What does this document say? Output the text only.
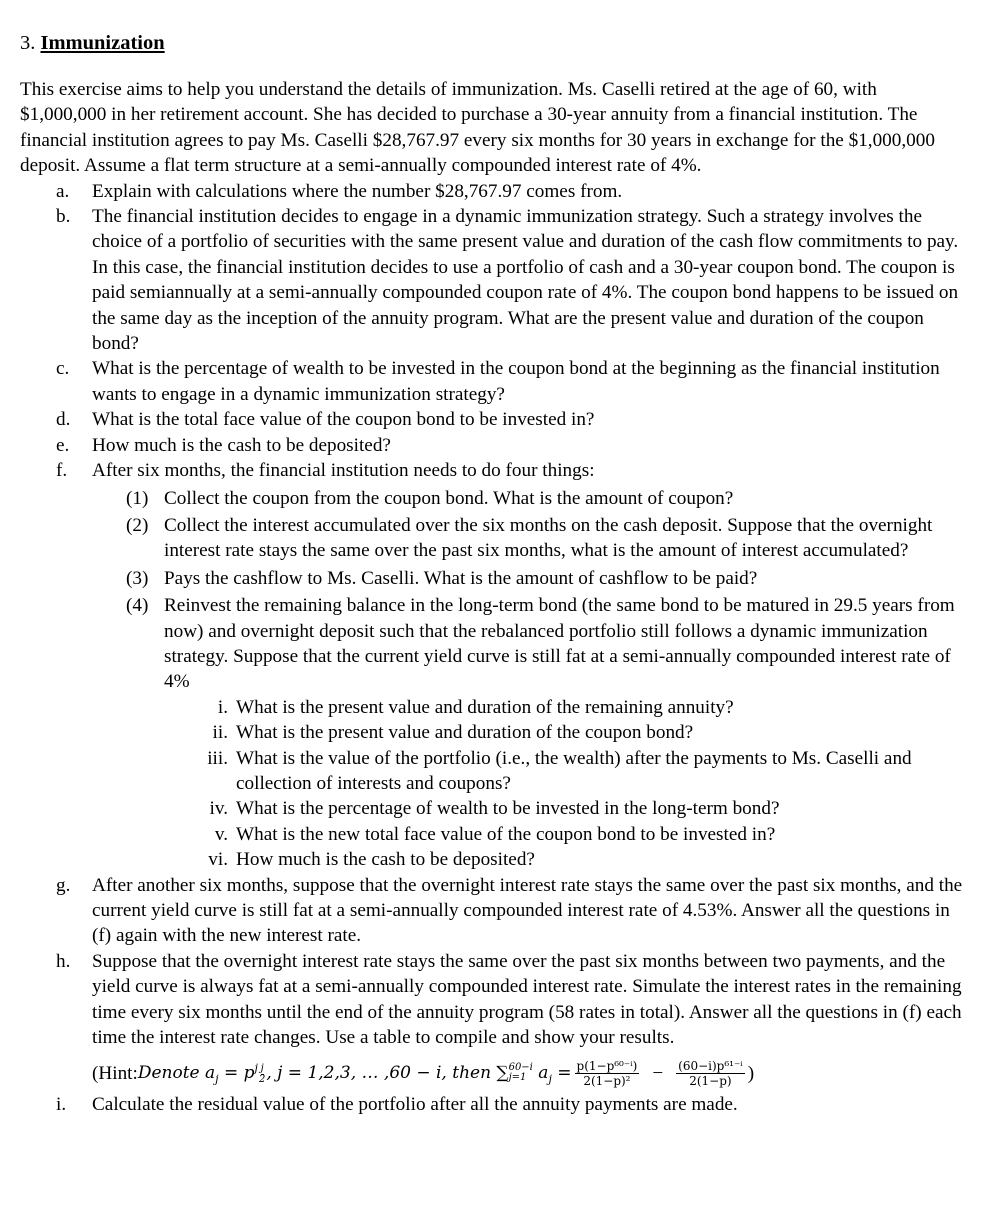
3. Immunization

This exercise aims to help you understand the details of immunization. Ms. Caselli retired at the age of 60, with $1,000,000 in her retirement account. She has decided to purchase a 30-year annuity from a financial institution. The financial institution agrees to pay Ms. Caselli $28,767.97 every six months for 30 years in exchange for the $1,000,000 deposit. Assume a flat term structure at a semi-annually compounded interest rate of 4%.

a. Explain with calculations where the number $28,767.97 comes from.
b. The financial institution decides to engage in a dynamic immunization strategy. Such a strategy involves the choice of a portfolio of securities with the same present value and duration of the cash flow commitments to pay. In this case, the financial institution decides to use a portfolio of cash and a 30-year coupon bond. The coupon is paid semiannually at a semi-annually compounded coupon rate of 4%. The coupon bond happens to be issued on the same day as the inception of the annuity program. What are the present value and duration of the coupon bond?
c. What is the percentage of wealth to be invested in the coupon bond at the beginning as the financial institution wants to engage in a dynamic immunization strategy?
d. What is the total face value of the coupon bond to be invested in?
e. How much is the cash to be deposited?
f. After six months, the financial institution needs to do four things:
(1) Collect the coupon from the coupon bond. What is the amount of coupon?
(2) Collect the interest accumulated over the six months on the cash deposit. Suppose that the overnight interest rate stays the same over the past six months, what is the amount of interest accumulated?
(3) Pays the cashflow to Ms. Caselli. What is the amount of cashflow to be paid?
(4) Reinvest the remaining balance in the long-term bond (the same bond to be matured in 29.5 years from now) and overnight deposit such that the rebalanced portfolio still follows a dynamic immunization strategy. Suppose that the current yield curve is still fat at a semi-annually compounded interest rate of 4%
i. What is the present value and duration of the remaining annuity?
ii. What is the present value and duration of the coupon bond?
iii. What is the value of the portfolio (i.e., the wealth) after the payments to Ms. Caselli and collection of interests and coupons?
iv. What is the percentage of wealth to be invested in the long-term bond?
v. What is the new total face value of the coupon bond to be invested in?
vi. How much is the cash to be deposited?
g. After another six months, suppose that the overnight interest rate stays the same over the past six months, and the current yield curve is still fat at a semi-annually compounded interest rate of 4.53%. Answer all the questions in (f) again with the new interest rate.
h. Suppose that the overnight interest rate stays the same over the past six months between two payments, and the yield curve is always fat at a semi-annually compounded interest rate. Simulate the interest rates in the remaining time every six months until the end of the annuity program (58 rates in total). Answer all the questions in (f) each time the interest rate changes. Use a table to compile and show your results.
(Hint: Denote $a_j = p^j \frac{j}{2}$ , j = 1,2,3, … ,60 − i, then ∑ 60−i
j=1 $a_j = \frac{\text{p(1−p⁶⁰⁻ⁱ)}}{\text{2(1−p)²}} - \frac{\text{(60−i)p⁶¹⁻ⁱ}}{2(1-p)}$ )
i. Calculate the residual value of the portfolio after all the annuity payments are made.
